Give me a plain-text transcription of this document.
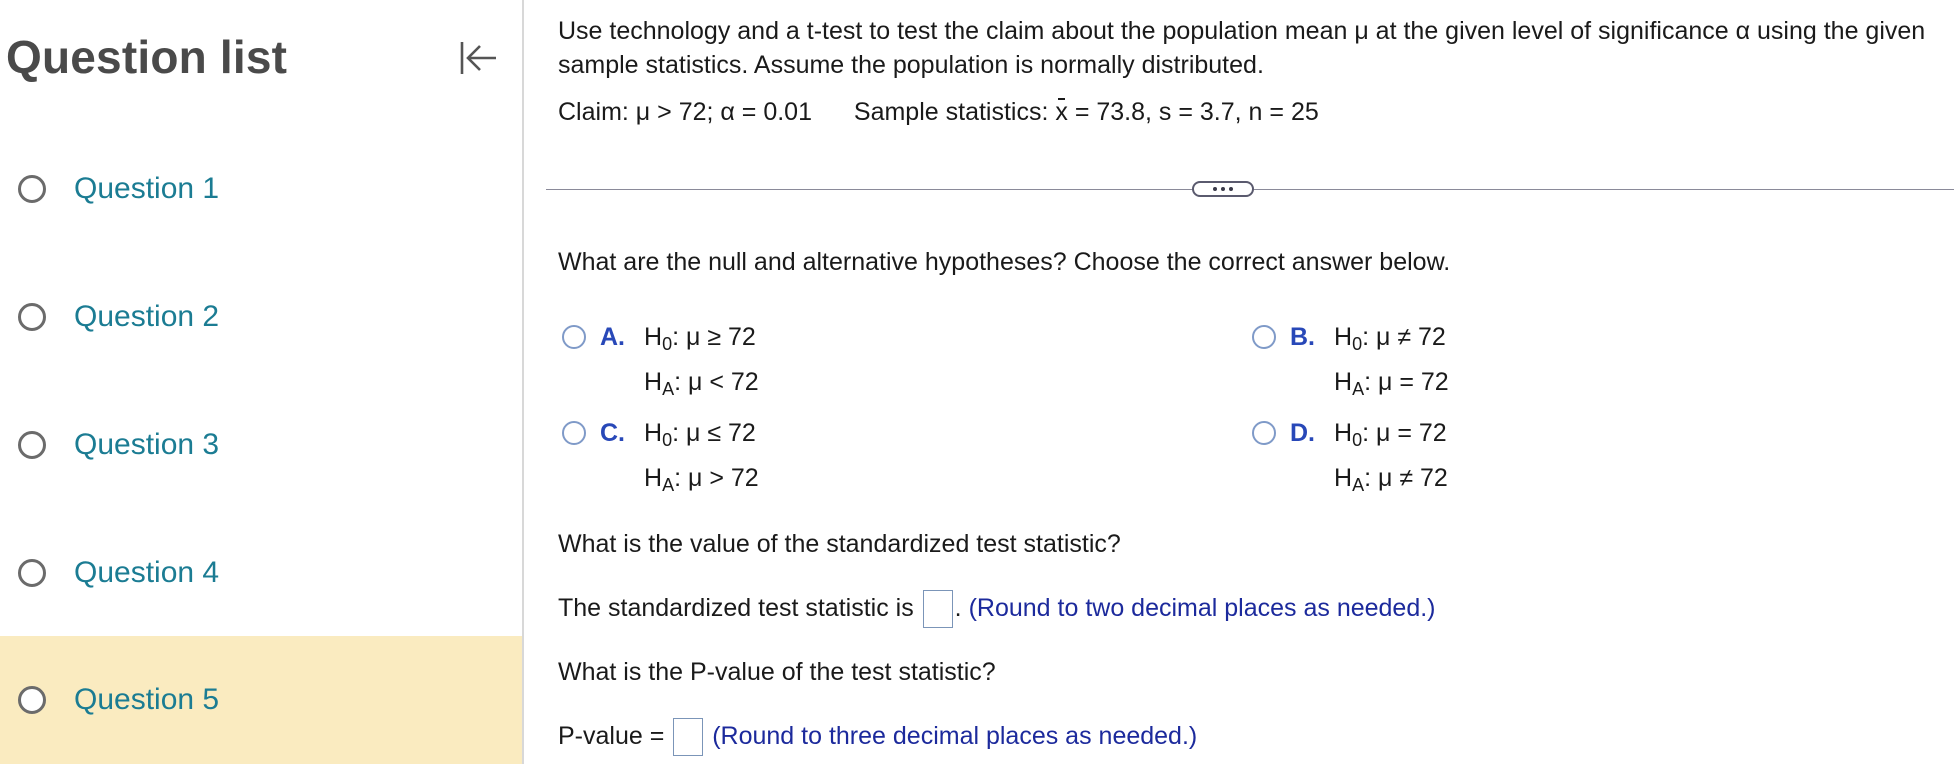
Question list
Question 1
Question 2
Question 3
Question 4
Question 5
Use technology and a t-test to test the claim about the population mean μ at the given level of significance α using the given sample statistics. Assume the population is normally distributed.
Claim: μ > 72; α = 0.01 Sample statistics: x = 73.8, s = 3.7, n = 25
What are the null and alternative hypotheses? Choose the correct answer below.
A. $H_0$: μ ≥ 72
$H_A$: μ < 72
B. $H_0$: μ ≠ 72
$H_A$: μ = 72
C. $H_0$: μ ≤ 72
$H_A$: μ > 72
D. $H_0$: μ = 72
$H_A$: μ ≠ 72
What is the value of the standardized test statistic?
The standardized test statistic is . (Round to two decimal places as needed.)
What is the P-value of the test statistic?
P-value = (Round to three decimal places as needed.)
